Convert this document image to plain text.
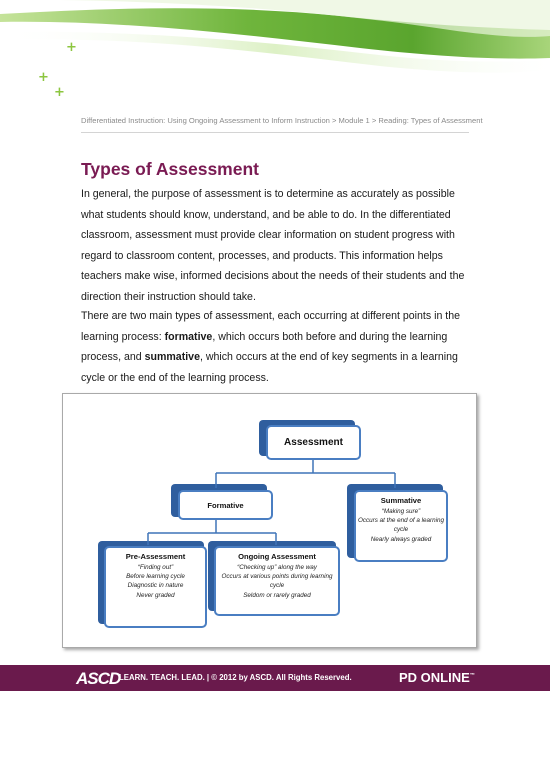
+
+
+
Differentiated Instruction: Using Ongoing Assessment to Inform Instruction > Module 1 > Reading: Types of Assessment
Types of Assessment

In general, the purpose of assessment is to determine as accurately as possible what students should know, understand, and be able to do. In the differentiated classroom, assessment must provide clear information on student progress with regard to classroom content, processes, and products. This information helps teachers make wise, informed decisions about the needs of their students and the direction their instruction should take.

There are two main types of assessment, each occurring at different points in the learning process: formative, which occurs both before and during the learning process, and summative, which occurs at the end of key segments in a learning cycle or the end of the learning process.

Assessment
Formative
Summative
“Making sure”
Occurs at the end of a learning cycle
Nearly always graded
Pre-Assessment
“Finding out”
Before learning cycle
Diagnostic in nature
Never graded
Ongoing Assessment
“Checking up” along the way
Occurs at various points during learning cycle
Seldom or rarely graded
ASCD
LEARN. TEACH. LEAD. | © 2012 by ASCD. All Rights Reserved.	PD ONLINE™
